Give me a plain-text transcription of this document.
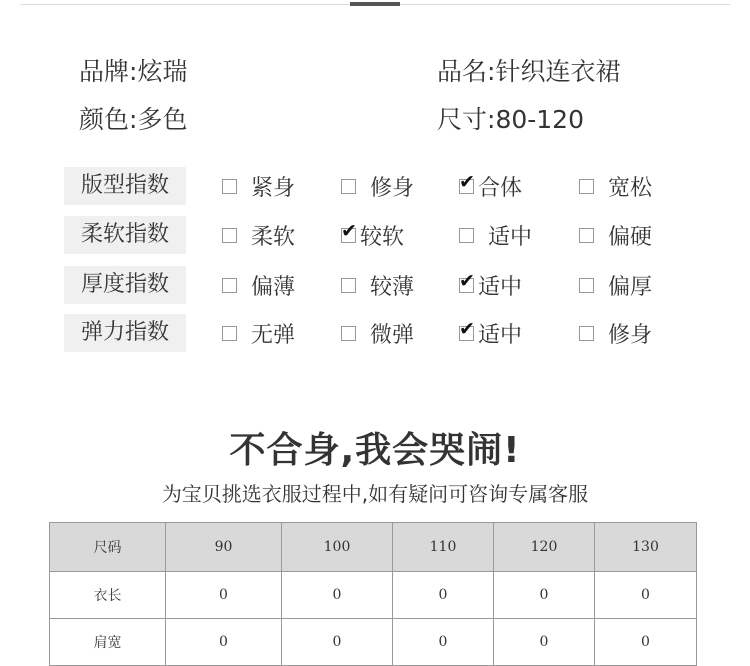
品牌:炫瑞	品名:针织连衣裙
颜色:多色	尺寸:80-120
版型指数	紧身	修身 ✔	合体	宽松
柔软指数	柔软 ✔	较软	适中	偏硬
厚度指数	偏薄	较薄 ✔	适中	偏厚
弹力指数	无弹	微弹 ✔	适中	修身
不合身,我会哭闹!
为宝贝挑选衣服过程中,如有疑问可咨询专属客服
尺码	90	100	110	120	130
衣长	0	0	0	0	0
肩宽	0	0	0	0	0
